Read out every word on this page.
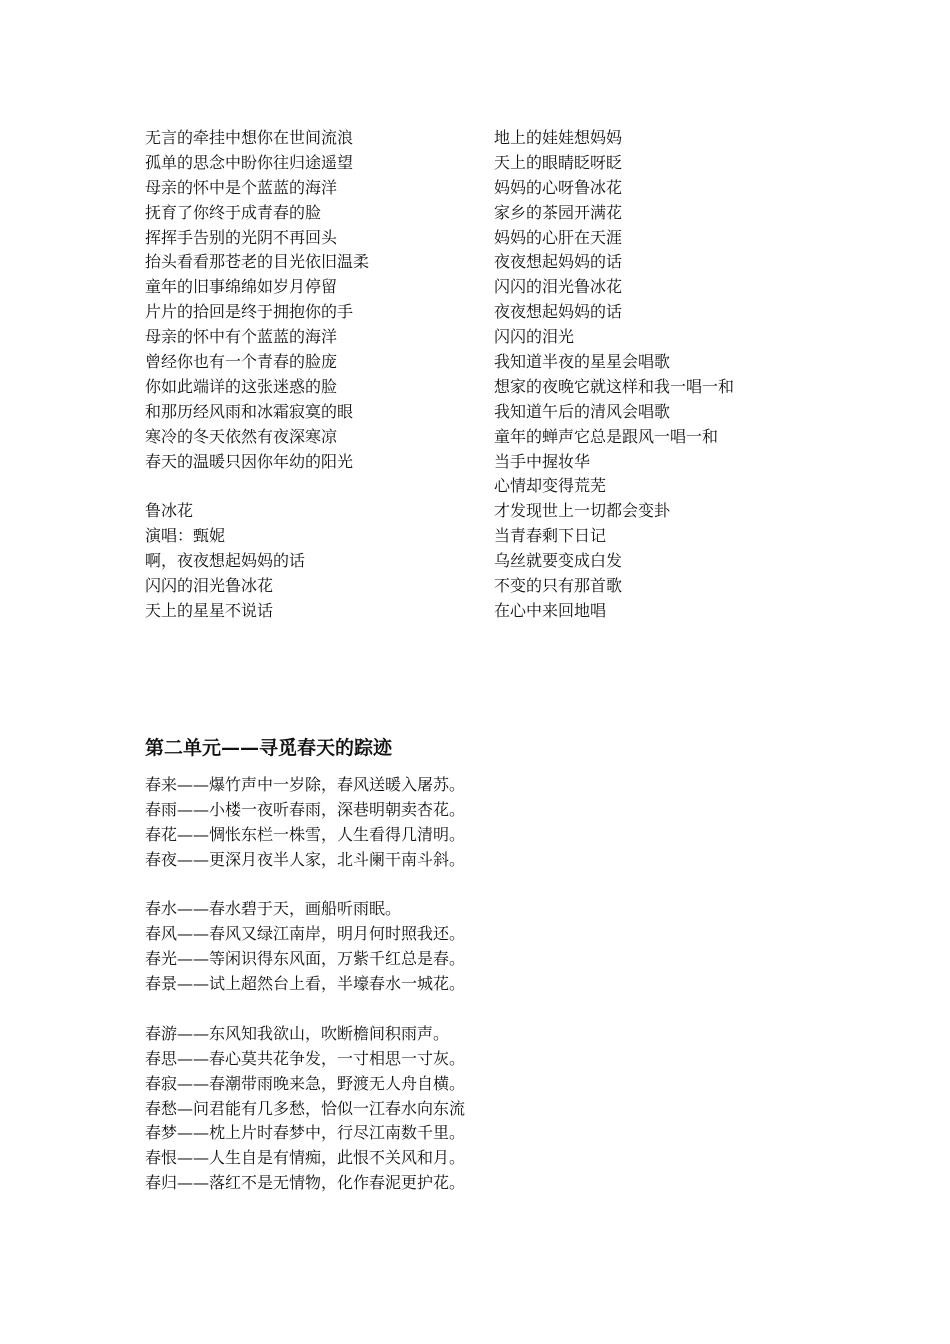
无言的牵挂中想你在世间流浪
孤单的思念中盼你往归途遥望
母亲的怀中是个蓝蓝的海洋
抚育了你终于成青春的脸
挥挥手告别的光阴不再回头
抬头看看那苍老的目光依旧温柔
童年的旧事绵绵如岁月停留
片片的拾回是终于拥抱你的手
母亲的怀中有个蓝蓝的海洋
曾经你也有一个青春的脸庞
你如此端详的这张迷惑的脸
和那历经风雨和冰霜寂寞的眼
寒冷的冬天依然有夜深寒凉
春天的温暖只因你年幼的阳光
鲁冰花
演唱：甄妮
啊，夜夜想起妈妈的话
闪闪的泪光鲁冰花
天上的星星不说话
地上的娃娃想妈妈
天上的眼睛眨呀眨
妈妈的心呀鲁冰花
家乡的茶园开满花
妈妈的心肝在天涯
夜夜想起妈妈的话
闪闪的泪光鲁冰花
夜夜想起妈妈的话
闪闪的泪光
我知道半夜的星星会唱歌
想家的夜晚它就这样和我一唱一和
我知道午后的清风会唱歌
童年的蝉声它总是跟风一唱一和
当手中握妆华
心情却变得荒芜
才发现世上一切都会变卦
当青春剩下日记
乌丝就要变成白发
不变的只有那首歌
在心中来回地唱
第二单元——寻觅春天的踪迹
春来——爆竹声中一岁除，春风送暖入屠苏。
春雨——小楼一夜听春雨，深巷明朝卖杏花。
春花——惆怅东栏一株雪，人生看得几清明。
春夜——更深月夜半人家，北斗阑干南斗斜。
春水——春水碧于天，画船听雨眠。
春风——春风又绿江南岸，明月何时照我还。
春光——等闲识得东风面，万紫千红总是春。
春景——试上超然台上看，半壕春水一城花。
春游——东风知我欲山，吹断檐间积雨声。
春思——春心莫共花争发，一寸相思一寸灰。
春寂——春潮带雨晚来急，野渡无人舟自横。
春愁—问君能有几多愁，恰似一江春水向东流
春梦——枕上片时春梦中，行尽江南数千里。
春恨——人生自是有情痴，此恨不关风和月。
春归——落红不是无情物，化作春泥更护花。
